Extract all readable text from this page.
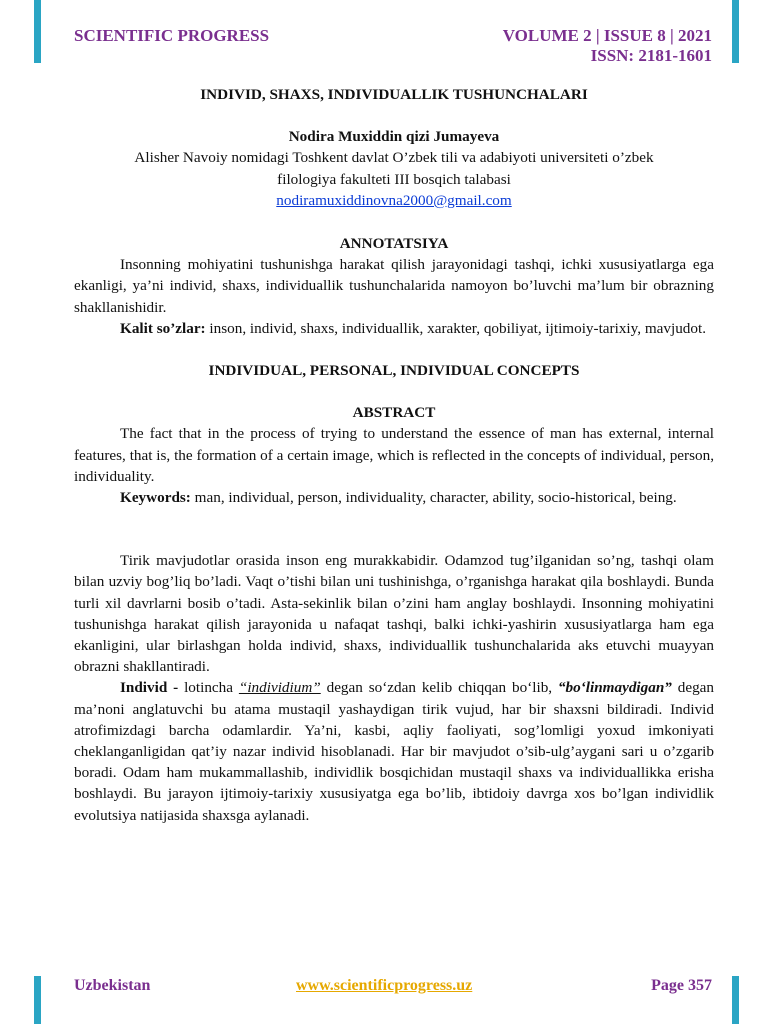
SCIENTIFIC PROGRESS	VOLUME 2 | ISSUE 8 | 2021
ISSN: 2181-1601
INDIVID, SHAXS, INDIVIDUALLIK TUSHUNCHALARI
Nodira Muxiddin qizi Jumayeva
Alisher Navoiy nomidagi Toshkent davlat O’zbek tili va adabiyoti universiteti o’zbek
filologiya fakulteti III bosqich talabasi
nodiramuxiddinovna2000@gmail.com
ANNOTATSIYA

Insonning mohiyatini tushunishga harakat qilish jarayonidagi tashqi, ichki xususiyatlarga ega ekanligi, ya’ni individ, shaxs, individuallik tushunchalarida namoyon bo’luvchi ma’lum bir obrazning shakllanishidir.

Kalit so’zlar: inson, individ, shaxs, individuallik, xarakter, qobiliyat, ijtimoiy-tarixiy, mavjudot.

INDIVIDUAL, PERSONAL, INDIVIDUAL CONCEPTS
ABSTRACT

The fact that in the process of trying to understand the essence of man has external, internal features, that is, the formation of a certain image, which is reflected in the concepts of individual, person, individuality.

Keywords: man, individual, person, individuality, character, ability, socio-historical, being.

Tirik mavjudotlar orasida inson eng murakkabidir. Odamzod tug’ilganidan so’ng, tashqi olam bilan uzviy bog’liq bo’ladi. Vaqt o’tishi bilan uni tushinishga, o’rganishga harakat qila boshlaydi. Bunda turli xil davrlarni bosib o’tadi. Asta-sekinlik bilan o’zini ham anglay boshlaydi. Insonning mohiyatini tushunishga harakat qilish jarayonida u nafaqat tashqi, balki ichki-yashirin xususiyatlarga ham ega ekanligini, ular birlashgan holda individ, shaxs, individuallik tushunchalarida aks etuvchi muayyan obrazni shakllantiradi.

Individ - lotincha “individium” degan so‘zdan kelib chiqqan bo‘lib, “bo‘linmaydigan” degan ma’noni anglatuvchi bu atama mustaqil yashaydigan tirik vujud, har bir shaxsni bildiradi. Individ atrofimizdagi barcha odamlardir. Ya’ni, kasbi, aqliy faoliyati, sog’lomligi yoxud imkoniyati cheklanganligidan qat’iy nazar individ hisoblanadi. Har bir mavjudot o’sib-ulg’aygani sari u o’zgarib boradi. Odam ham mukammallashib, individlik bosqichidan mustaqil shaxs va individuallikka erisha boshlaydi. Bu jarayon ijtimoiy-tarixiy xususiyatga ega bo’lib, ibtidoiy davrga xos bo’lgan individlik evolutsiya natijasida shaxsga aylanadi.

Uzbekistan	www.scientificprogress.uz	Page 357
